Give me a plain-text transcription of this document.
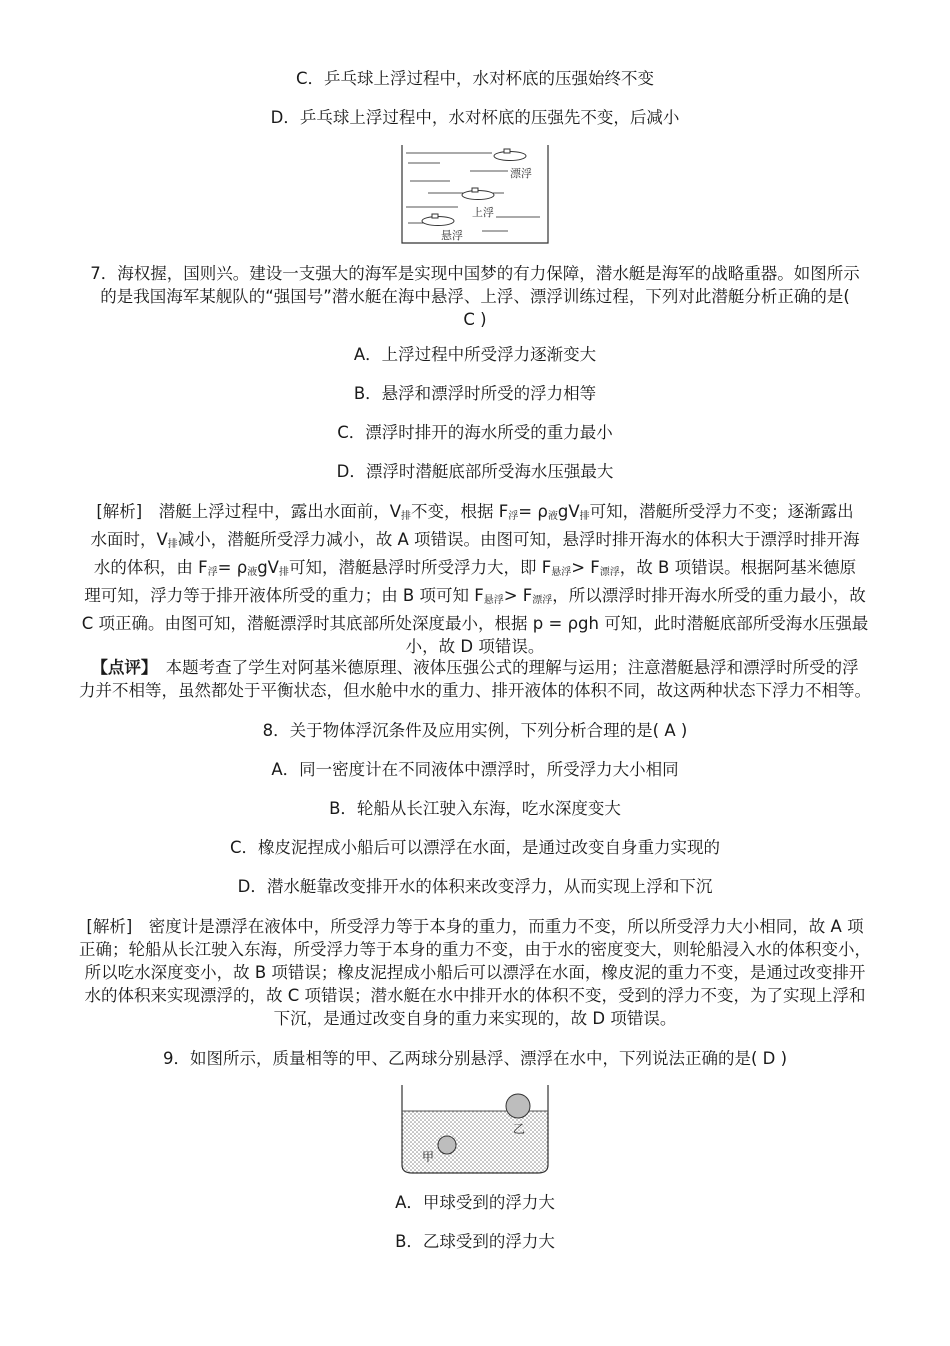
C．乒乓球上浮过程中，水对杯底的压强始终不变
D．乒乓球上浮过程中，水对杯底的压强先不变，后减小
漂浮
上浮
悬浮

7．海权握，国则兴。建设一支强大的海军是实现中国梦的有力保障，潜水艇是海军的战略重器。如图所示

的是我国海军某舰队的“强国号”潜水艇在海中悬浮、上浮、漂浮训练过程，下列对此潜艇分析正确的是(

C )

A．上浮过程中所受浮力逐渐变大
B．悬浮和漂浮时所受的浮力相等
C．漂浮时排开的海水所受的重力最小
D．漂浮时潜艇底部所受海水压强最大

[解析]　潜艇上浮过程中，露出水面前，$V_排$不变，根据 $F_浮= \rho_液gV_排$可知，潜艇所受浮力不变；逐渐露出

水面时，$V_排$减小，潜艇所受浮力减小，故 A 项错误。由图可知，悬浮时排开海水的体积大于漂浮时排开海

水的体积，由 $F_浮= \rho_液gV_排$可知，潜艇悬浮时所受浮力大，即 $F_{悬浮}> F_{漂浮}$，故 B 项错误。根据阿基米德原

理可知，浮力等于排开液体所受的重力；由 B 项可知 $F_{悬浮}> F_{漂浮}$，所以漂浮时排开海水所受的重力最小，故

C 项正确。由图可知，潜艇漂浮时其底部所处深度最小，根据 p = ρgh 可知，此时潜艇底部所受海水压强最

小，故 D 项错误。

【点评】　本题考查了学生对阿基米德原理、液体压强公式的理解与运用；注意潜艇悬浮和漂浮时所受的浮

力并不相等，虽然都处于平衡状态，但水舱中水的重力、排开液体的体积不同，故这两种状态下浮力不相等。

8．关于物体浮沉条件及应用实例，下列分析合理的是( A )
A．同一密度计在不同液体中漂浮时，所受浮力大小相同
B．轮船从长江驶入东海，吃水深度变大
C．橡皮泥捏成小船后可以漂浮在水面，是通过改变自身重力实现的
D．潜水艇靠改变排开水的体积来改变浮力，从而实现上浮和下沉

[解析]　密度计是漂浮在液体中，所受浮力等于本身的重力，而重力不变，所以所受浮力大小相同，故 A 项

正确；轮船从长江驶入东海，所受浮力等于本身的重力不变，由于水的密度变大，则轮船浸入水的体积变小，

所以吃水深度变小，故 B 项错误；橡皮泥捏成小船后可以漂浮在水面，橡皮泥的重力不变，是通过改变排开

水的体积来实现漂浮的，故 C 项错误；潜水艇在水中排开水的体积不变，受到的浮力不变，为了实现上浮和

下沉，是通过改变自身的重力来实现的，故 D 项错误。

9．如图所示，质量相等的甲、乙两球分别悬浮、漂浮在水中，下列说法正确的是( D )
乙
甲
A．甲球受到的浮力大
B．乙球受到的浮力大
